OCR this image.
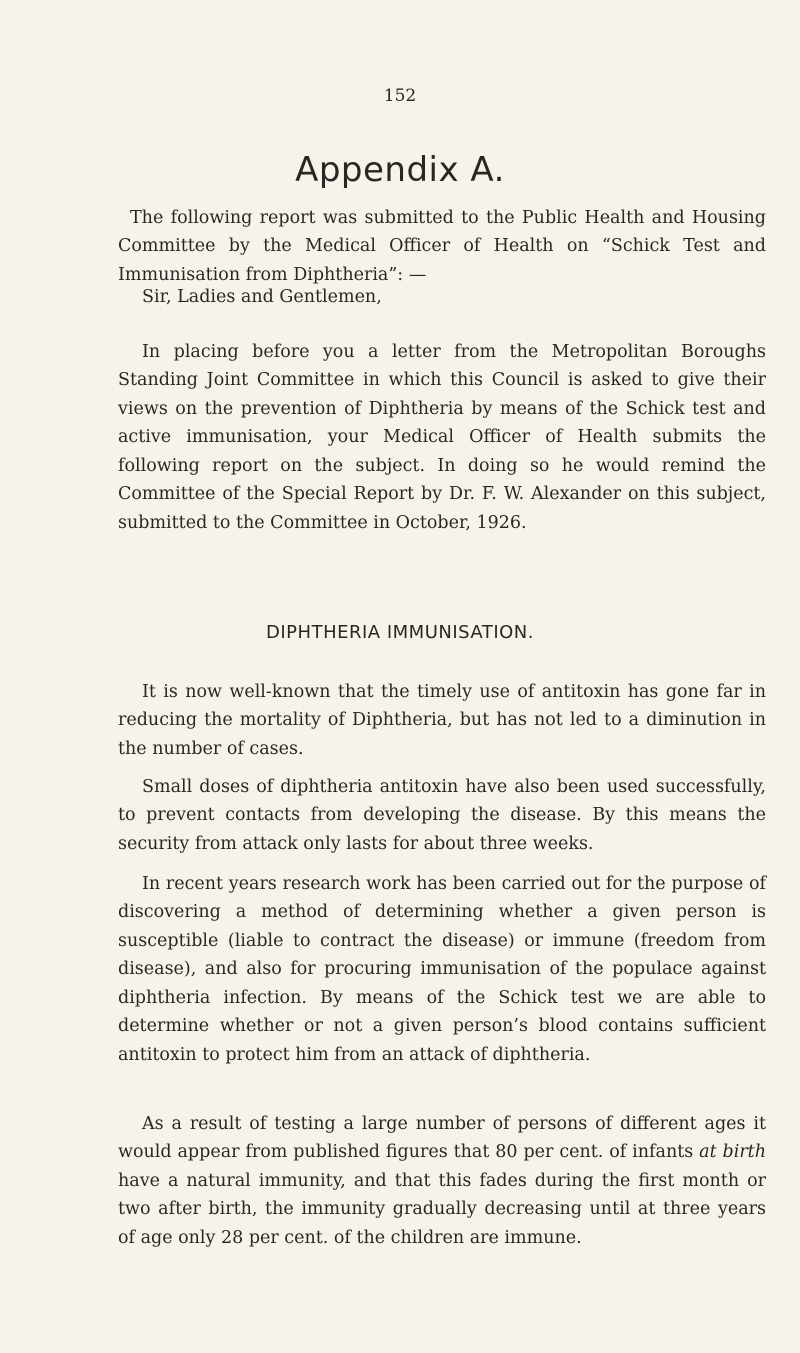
152
Appendix A.

The following report was submitted to the Public Health and Housing Committee by the Medical Officer of Health on “Schick Test and Immunisation from Diphtheria”: —

Sir, Ladies and Gentlemen,

In placing before you a letter from the Metropolitan Boroughs Standing Joint Committee in which this Council is asked to give their views on the prevention of Diphtheria by means of the Schick test and active immunisation, your Medical Officer of Health submits the following report on the subject. In doing so he would remind the Committee of the Special Report by Dr. F. W. Alexander on this subject, submitted to the Committee in October, 1926.

DIPHTHERIA IMMUNISATION.

It is now well-known that the timely use of antitoxin has gone far in reducing the mortality of Diphtheria, but has not led to a diminution in the number of cases.

Small doses of diphtheria antitoxin have also been used successfully, to prevent contacts from developing the disease. By this means the security from attack only lasts for about three weeks.

In recent years research work has been carried out for the purpose of discovering a method of determining whether a given person is susceptible (liable to contract the disease) or immune (freedom from disease), and also for procuring immunisation of the populace against diphtheria infection. By means of the Schick test we are able to determine whether or not a given person’s blood contains sufficient antitoxin to protect him from an attack of diphtheria.

As a result of testing a large number of persons of different ages it would appear from published figures that 80 per cent. of infants at birth have a natural immunity, and that this fades during the first month or two after birth, the immunity gradually decreasing until at three years of age only 28 per cent. of the children are immune.
